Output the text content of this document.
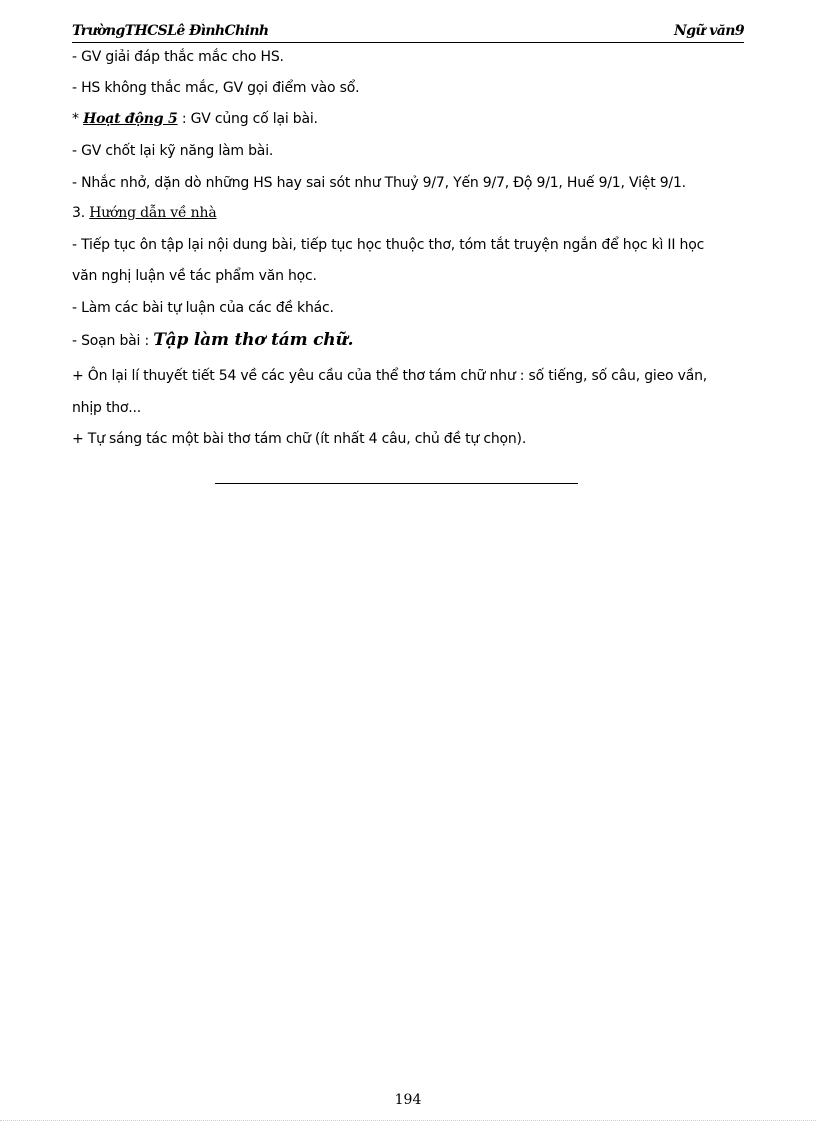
TrườngTHCSLê ĐìnhChinh	Ngữ văn9
- GV giải đáp thắc mắc cho HS.
- HS không thắc mắc, GV gọi điểm vào sổ.
* Hoạt động 5 : GV củng cố lại bài.
- GV chốt lại kỹ năng làm bài.
- Nhắc nhở, dặn dò những HS hay sai sót như Thuỷ 9/7, Yến 9/7, Độ 9/1, Huế 9/1, Việt 9/1.
3. Hướng dẫn về nhà
- Tiếp tục ôn tập lại nội dung bài, tiếp tục học thuộc thơ, tóm tắt truyện ngắn để học kì II học
văn nghị luận về tác phẩm văn học.
- Làm các bài tự luận của các đề khác.
- Soạn bài : Tập làm thơ tám chữ.
+ Ôn lại lí thuyết tiết 54 về các yêu cầu của thể thơ tám chữ như : số tiếng, số câu, gieo vần,
nhịp thơ...
+ Tự sáng tác một bài thơ tám chữ (ít nhất 4 câu, chủ đề tự chọn).
194
